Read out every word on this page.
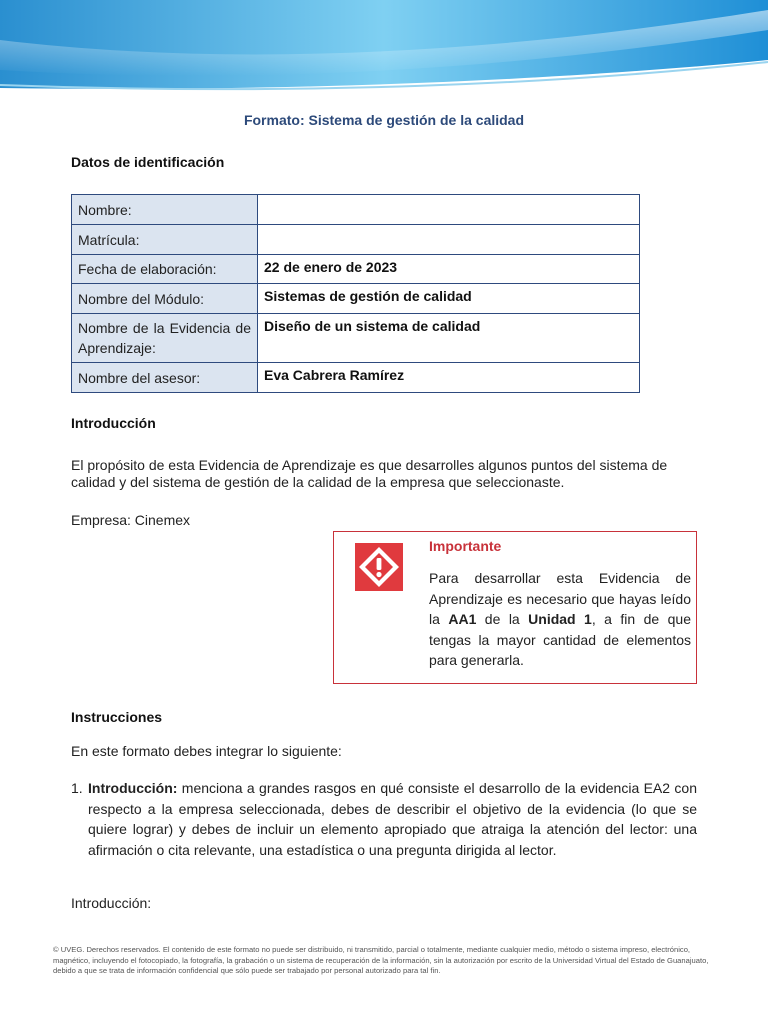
Formato: Sistema de gestión de la calidad
Datos de identificación
Nombre:	
Matrícula:	
Fecha de elaboración:	22 de enero de 2023
Nombre del Módulo:	Sistemas de gestión de calidad
Nombre de la Evidencia de Aprendizaje:	Diseño de un sistema de calidad
Nombre del asesor:	Eva Cabrera Ramírez
Introducción
El propósito de esta Evidencia de Aprendizaje es que desarrolles algunos puntos del sistema de calidad y del sistema de gestión de la calidad de la empresa que seleccionaste.
Empresa: Cinemex
Importante
Para desarrollar esta Evidencia de Aprendizaje es necesario que hayas leído la AA1 de la Unidad 1, a fin de que tengas la mayor cantidad de elementos para generarla.
Instrucciones
En este formato debes integrar lo siguiente:
1. Introducción: menciona a grandes rasgos en qué consiste el desarrollo de la evidencia EA2 con respecto a la empresa seleccionada, debes de describir el objetivo de la evidencia (lo que se quiere lograr) y debes de incluir un elemento apropiado que atraiga la atención del lector: una afirmación o cita relevante, una estadística o una pregunta dirigida al lector.
Introducción:
© UVEG. Derechos reservados. El contenido de este formato no puede ser distribuido, ni transmitido, parcial o totalmente, mediante cualquier medio, método o sistema impreso, electrónico, magnético, incluyendo el fotocopiado, la fotografía, la grabación o un sistema de recuperación de la información, sin la autorización por escrito de la Universidad Virtual del Estado de Guanajuato, debido a que se trata de información confidencial que sólo puede ser trabajado por personal autorizado para tal fin.
